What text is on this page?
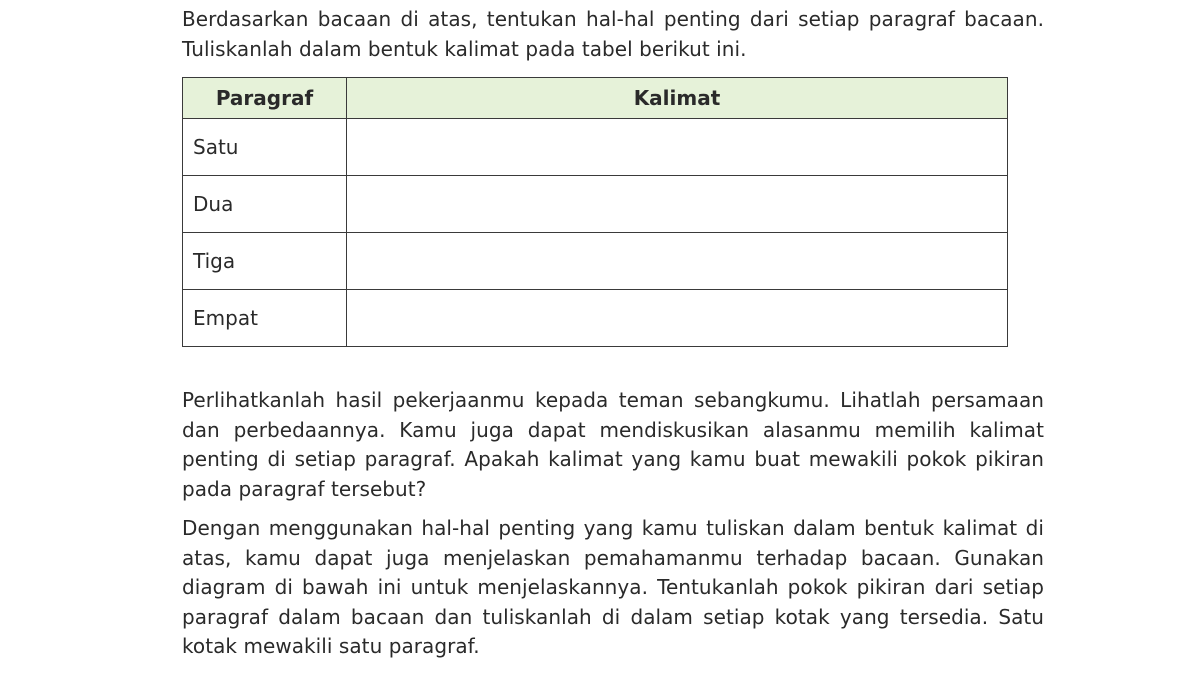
Berdasarkan bacaan di atas, tentukan hal-hal penting dari setiap paragraf bacaan. Tuliskanlah dalam bentuk kalimat pada tabel berikut ini.

Paragraf	Kalimat
Satu	
Dua	
Tiga	
Empat	

Perlihatkanlah hasil pekerjaanmu kepada teman sebangkumu. Lihatlah persamaan dan perbedaannya. Kamu juga dapat mendiskusikan alasanmu memilih kalimat penting di setiap paragraf. Apakah kalimat yang kamu buat mewakili pokok pikiran pada paragraf tersebut?

Dengan menggunakan hal-hal penting yang kamu tuliskan dalam bentuk kalimat di atas, kamu dapat juga menjelaskan pemahamanmu terhadap bacaan. Gunakan diagram di bawah ini untuk menjelaskannya. Tentukanlah pokok pikiran dari setiap paragraf dalam bacaan dan tuliskanlah di dalam setiap kotak yang tersedia. Satu kotak mewakili satu paragraf.
